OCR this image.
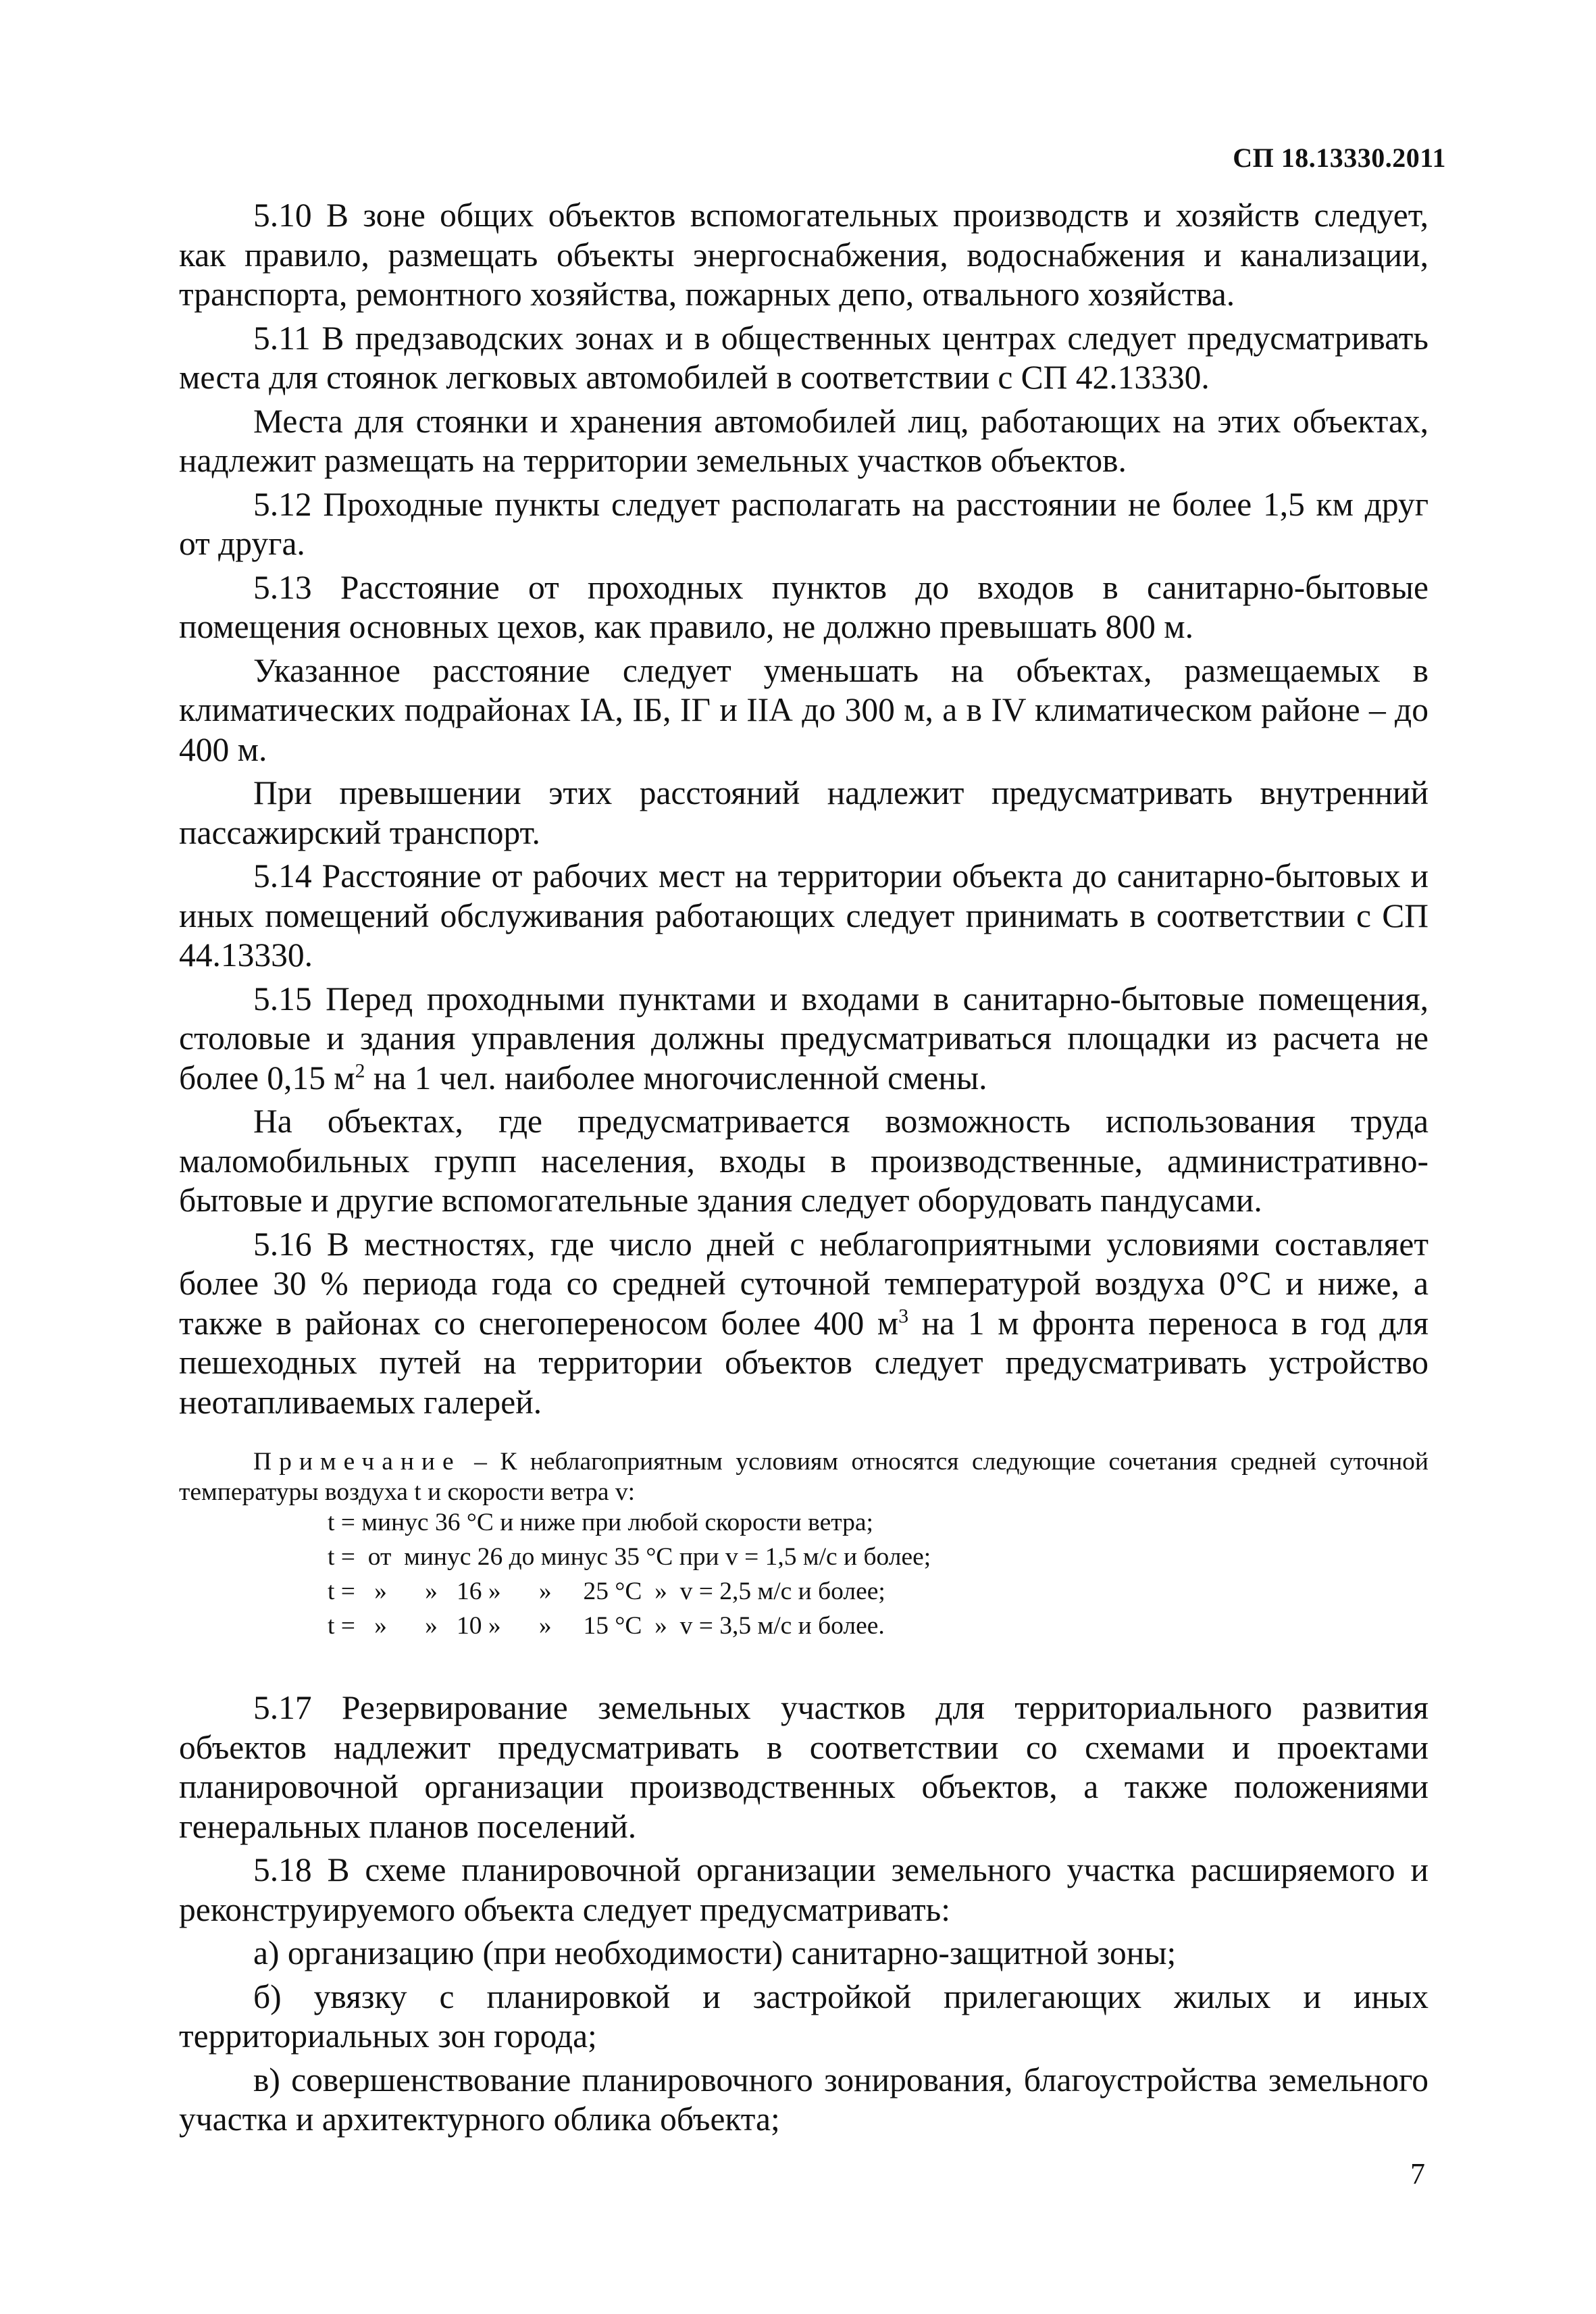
СП 18.13330.2011

5.10 В зоне общих объектов вспомогательных производств и хозяйств следует, как правило, размещать объекты энергоснабжения, водоснабжения и канализации, транспорта, ремонтного хозяйства, пожарных депо, отвального хозяйства.

5.11 В предзаводских зонах и в общественных центрах следует предусматривать места для стоянок легковых автомобилей в соответствии с СП 42.13330.

Места для стоянки и хранения автомобилей лиц, работающих на этих объектах, надлежит размещать на территории земельных участков объектов.

5.12 Проходные пункты следует располагать на расстоянии не более 1,5 км друг от друга.

5.13 Расстояние от проходных пунктов до входов в санитарно-бытовые помещения основных цехов, как правило, не должно превышать 800 м.

Указанное расстояние следует уменьшать на объектах, размещаемых в климатических подрайонах IА, IБ, IГ и IIА до 300 м, а в IV климатическом районе – до 400 м.

При превышении этих расстояний надлежит предусматривать внутренний пассажирский транспорт.

5.14 Расстояние от рабочих мест на территории объекта до санитарно-бытовых и иных помещений обслуживания работающих следует принимать в соответствии с СП 44.13330.

5.15 Перед проходными пунктами и входами в санитарно-бытовые помещения, столовые и здания управления должны предусматриваться площадки из расчета не более 0,15 $м^2$ на 1 чел. наиболее многочисленной смены.

На объектах, где предусматривается возможность использования труда маломобильных групп населения, входы в производственные, административно-бытовые и другие вспомогательные здания следует оборудовать пандусами.

5.16 В местностях, где число дней с неблагоприятными условиями составляет более 30 % периода года со средней суточной температурой воздуха 0°С и ниже, а также в районах со снегопереносом более 400 $м^3$ на 1 м фронта переноса в год для пешеходных путей на территории объектов следует предусматривать устройство неотапливаемых галерей.

Примечание – К неблагоприятным условиям относятся следующие сочетания средней суточной температуры воздуха t и скорости ветра v:

t = минус 36 °С и ниже при любой скорости ветра;

t =  от  минус 26 до минус 35 °С при v = 1,5 м/с и более;

t =   »      »   16 »      »     25 °С  »  v = 2,5 м/с и более;

t =   »      »   10 »      »     15 °С  »  v = 3,5 м/с и более.

5.17 Резервирование земельных участков для территориального развития объектов надлежит предусматривать в соответствии со схемами и проектами планировочной организации производственных объектов, а также положениями генеральных планов поселений.

5.18 В схеме планировочной организации земельного участка расширяемого и реконструируемого объекта следует предусматривать:

а) организацию (при необходимости) санитарно-защитной зоны;

б) увязку с планировкой и застройкой прилегающих жилых и иных территориальных зон города;

в) совершенствование планировочного зонирования, благоустройства земельного участка и архитектурного облика объекта;

7
